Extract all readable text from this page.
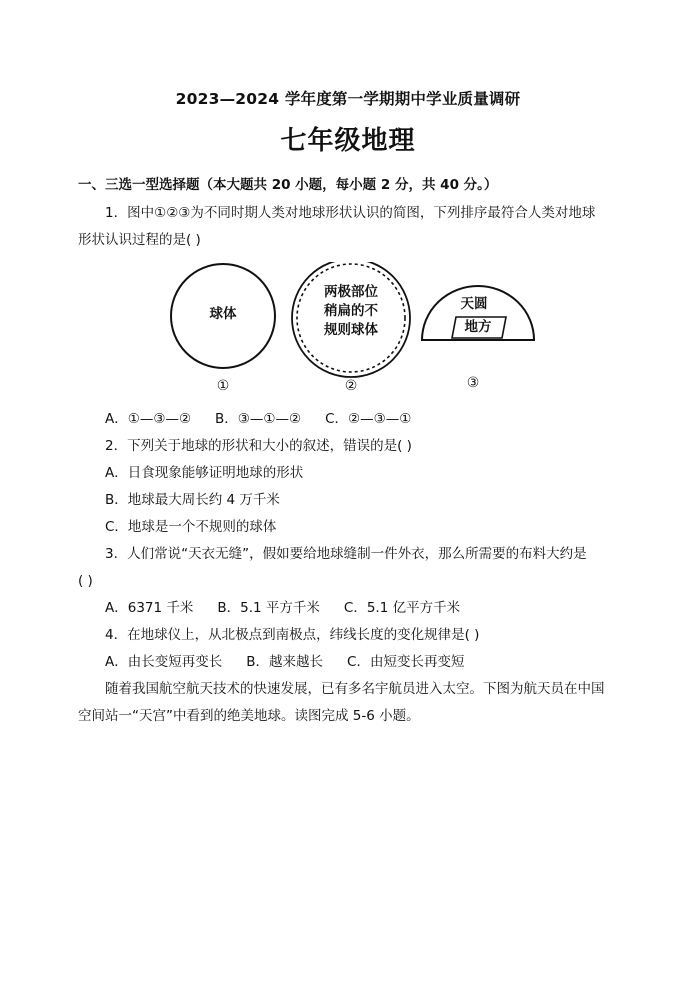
2023—2024 学年度第一学期期中学业质量调研
七年级地理
一、三选一型选择题（本大题共 20 小题，每小题 2 分，共 40 分。）
1．图中①②③为不同时期人类对地球形状认识的简图，下列排序最符合人类对地球
形状认识过程的是( )
球体
两极部位
稍扁的不
规则球体
天圆
地方
①	②	③
A．①—③—② B．③—①—② C．②—③—①
2．下列关于地球的形状和大小的叙述，错误的是( )
A．日食现象能够证明地球的形状
B．地球最大周长约 4 万千米
C．地球是一个不规则的球体
3．人们常说“天衣无缝”，假如要给地球缝制一件外衣，那么所需要的布料大约是
( )
A．6371 千米 B．5.1 平方千米 C．5.1 亿平方千米
4．在地球仪上，从北极点到南极点，纬线长度的变化规律是( )
A．由长变短再变长 B．越来越长 C．由短变长再变短
随着我国航空航天技术的快速发展，已有多名宇航员进入太空。下图为航天员在中国
空间站一“天宫”中看到的绝美地球。读图完成 5-6 小题。
